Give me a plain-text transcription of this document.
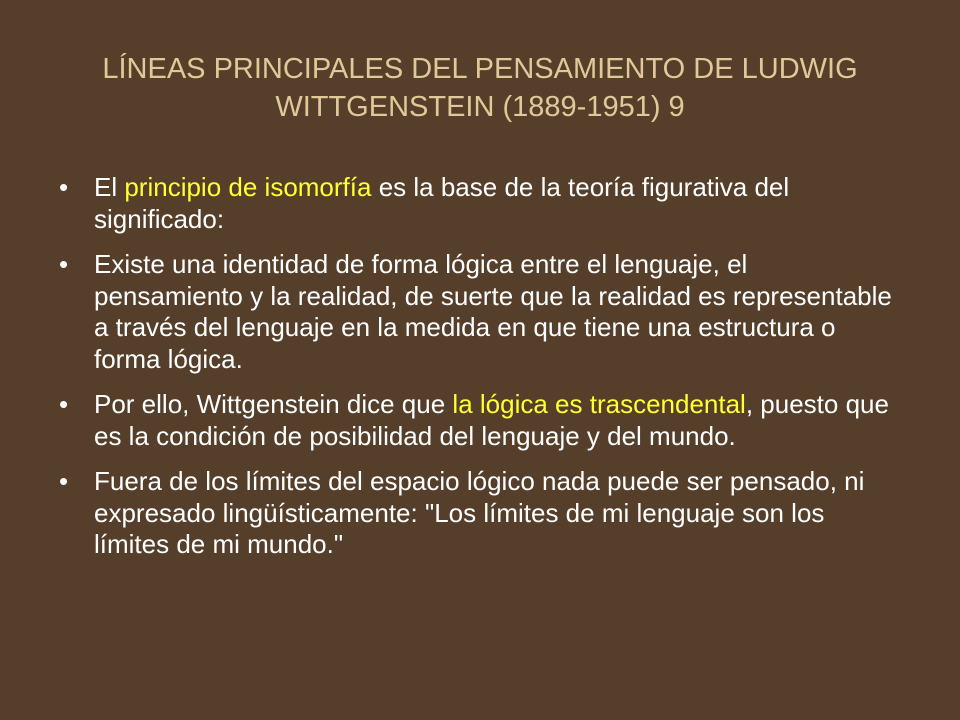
LÍNEAS PRINCIPALES DEL PENSAMIENTO DE LUDWIG
WITTGENSTEIN (1889-1951) 9
• El principio de isomorfía es la base de la teoría figurativa del significado:
• Existe una identidad de forma lógica entre el lenguaje, el pensamiento y la realidad, de suerte que la realidad es representable a través del lenguaje en la medida en que tiene una estructura o forma lógica.
• Por ello, Wittgenstein dice que la lógica es trascendental, puesto que es la condición de posibilidad del lenguaje y del mundo.
• Fuera de los límites del espacio lógico nada puede ser pensado, ni expresado lingüísticamente: "Los límites de mi lenguaje son los límites de mi mundo."
